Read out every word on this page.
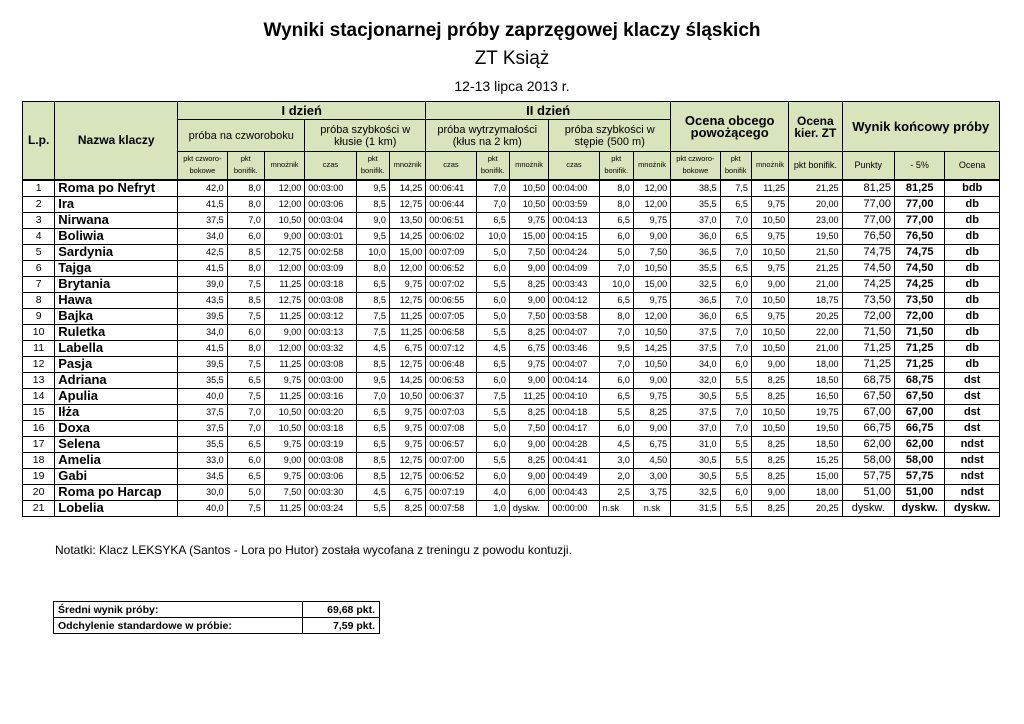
Wyniki stacjonarnej próby zaprzęgowej klaczy śląskich
ZT Książ
12-13 lipca 2013 r.
L.p.	Nazwa klaczy	I dzień						II dzień						Ocena obcego powożącego			Ocena kier. ZT	Wynik końcowy próby		
		próba na czworoboku			próba szybkości w kłusie (1 km)			próba wytrzymałości (kłus na 2 km)			próba szybkości w stępie (500 m)									
		pkt czworo-bokowe	pkt bonifik.	mnożnik	czas	pkt bonifik.	mnożnik	czas	pkt bonifik.	mnożnik	czas	pkt bonifik.	mnożnik	pkt czworo-bokowe	pkt bonifik	mnożnik	pkt bonifik.	Punkty	- 5%	Ocena
1	Roma po Nefryt	42,0	8,0	12,00	00:03:00	9,5	14,25	00:06:41	7,0	10,50	00:04:00	8,0	12,00	38,5	7,5	11,25	21,25	81,25	81,25	bdb
2	Ira	41,5	8,0	12,00	00:03:06	8,5	12,75	00:06:44	7,0	10,50	00:03:59	8,0	12,00	35,5	6,5	9,75	20,00	77,00	77,00	db
3	Nirwana	37,5	7,0	10,50	00:03:04	9,0	13,50	00:06:51	6,5	9,75	00:04:13	6,5	9,75	37,0	7,0	10,50	23,00	77,00	77,00	db
4	Boliwia	34,0	6,0	9,00	00:03:01	9,5	14,25	00:06:02	10,0	15,00	00:04:15	6,0	9,00	36,0	6,5	9,75	19,50	76,50	76,50	db
5	Sardynia	42,5	8,5	12,75	00:02:58	10,0	15,00	00:07:09	5,0	7,50	00:04:24	5,0	7,50	36,5	7,0	10,50	21,50	74,75	74,75	db
6	Tajga	41,5	8,0	12,00	00:03:09	8,0	12,00	00:06:52	6,0	9,00	00:04:09	7,0	10,50	35,5	6,5	9,75	21,25	74,50	74,50	db
7	Brytania	39,0	7,5	11,25	00:03:18	6,5	9,75	00:07:02	5,5	8,25	00:03:43	10,0	15,00	32,5	6,0	9,00	21,00	74,25	74,25	db
8	Hawa	43,5	8,5	12,75	00:03:08	8,5	12,75	00:06:55	6,0	9,00	00:04:12	6,5	9,75	36,5	7,0	10,50	18,75	73,50	73,50	db
9	Bajka	39,5	7,5	11,25	00:03:12	7,5	11,25	00:07:05	5,0	7,50	00:03:58	8,0	12,00	36,0	6,5	9,75	20,25	72,00	72,00	db
10	Ruletka	34,0	6,0	9,00	00:03:13	7,5	11,25	00:06:58	5,5	8,25	00:04:07	7,0	10,50	37,5	7,0	10,50	22,00	71,50	71,50	db
11	Labella	41,5	8,0	12,00	00:03:32	4,5	6,75	00:07:12	4,5	6,75	00:03:46	9,5	14,25	37,5	7,0	10,50	21,00	71,25	71,25	db
12	Pasja	39,5	7,5	11,25	00:03:08	8,5	12,75	00:06:48	6,5	9,75	00:04:07	7,0	10,50	34,0	6,0	9,00	18,00	71,25	71,25	db
13	Adriana	35,5	6,5	9,75	00:03:00	9,5	14,25	00:06:53	6,0	9,00	00:04:14	6,0	9,00	32,0	5,5	8,25	18,50	68,75	68,75	dst
14	Apulia	40,0	7,5	11,25	00:03:16	7,0	10,50	00:06:37	7,5	11,25	00:04:10	6,5	9,75	30,5	5,5	8,25	16,50	67,50	67,50	dst
15	Iłża	37,5	7,0	10,50	00:03:20	6,5	9,75	00:07:03	5,5	8,25	00:04:18	5,5	8,25	37,5	7,0	10,50	19,75	67,00	67,00	dst
16	Doxa	37,5	7,0	10,50	00:03:18	6,5	9,75	00:07:08	5,0	7,50	00:04:17	6,0	9,00	37,0	7,0	10,50	19,50	66,75	66,75	dst
17	Selena	35,5	6,5	9,75	00:03:19	6,5	9,75	00:06:57	6,0	9,00	00:04:28	4,5	6,75	31,0	5,5	8,25	18,50	62,00	62,00	ndst
18	Amelia	33,0	6,0	9,00	00:03:08	8,5	12,75	00:07:00	5,5	8,25	00:04:41	3,0	4,50	30,5	5,5	8,25	15,25	58,00	58,00	ndst
19	Gabi	34,5	6,5	9,75	00:03:06	8,5	12,75	00:06:52	6,0	9,00	00:04:49	2,0	3,00	30,5	5,5	8,25	15,00	57,75	57,75	ndst
20	Roma po Harcap	30,0	5,0	7,50	00:03:30	4,5	6,75	00:07:19	4,0	6,00	00:04:43	2,5	3,75	32,5	6,0	9,00	18,00	51,00	51,00	ndst
21	Lobelia	40,0	7,5	11,25	00:03:24	5,5	8,25	00:07:58	1,0	dyskw.	00:00:00	n.sk	n.sk	31,5	5,5	8,25	20,25	dyskw.	dyskw.	dyskw.
Notatki: Klacz LEKSYKA (Santos - Lora po Hutor) została wycofana z treningu z powodu kontuzji.
Średni wynik próby:	69,68 pkt.
Odchylenie standardowe w próbie:	7,59 pkt.
